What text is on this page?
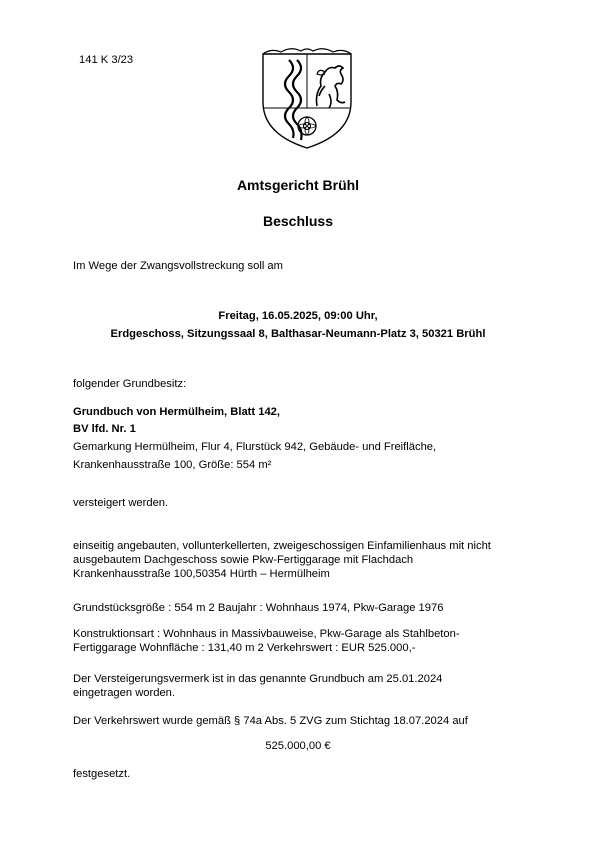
141 K 3/23
Amtsgericht Brühl
Beschluss
Im Wege der Zwangsvollstreckung soll am
Freitag, 16.05.2025, 09:00 Uhr,
Erdgeschoss, Sitzungssaal 8, Balthasar-Neumann-Platz 3, 50321 Brühl
folgender Grundbesitz:
Grundbuch von Hermülheim, Blatt 142,
BV lfd. Nr. 1
Gemarkung Hermülheim, Flur 4, Flurstück 942, Gebäude- und Freifläche,
Krankenhausstraße 100, Größe: 554 m²
versteigert werden.
einseitig angebauten, vollunterkellerten, zweigeschossigen Einfamilienhaus mit nicht
ausgebautem Dachgeschoss sowie Pkw-Fertiggarage mit Flachdach
Krankenhausstraße 100,50354 Hürth – Hermülheim
Grundstücksgröße : 554 m 2 Baujahr : Wohnhaus 1974, Pkw-Garage 1976
Konstruktionsart : Wohnhaus in Massivbauweise, Pkw-Garage als Stahlbeton-
Fertiggarage Wohnfläche : 131,40 m 2 Verkehrswert : EUR 525.000,-
Der Versteigerungsvermerk ist in das genannte Grundbuch am 25.01.2024
eingetragen worden.
Der Verkehrswert wurde gemäß § 74a Abs. 5 ZVG zum Stichtag 18.07.2024 auf
525.000,00 €
festgesetzt.
